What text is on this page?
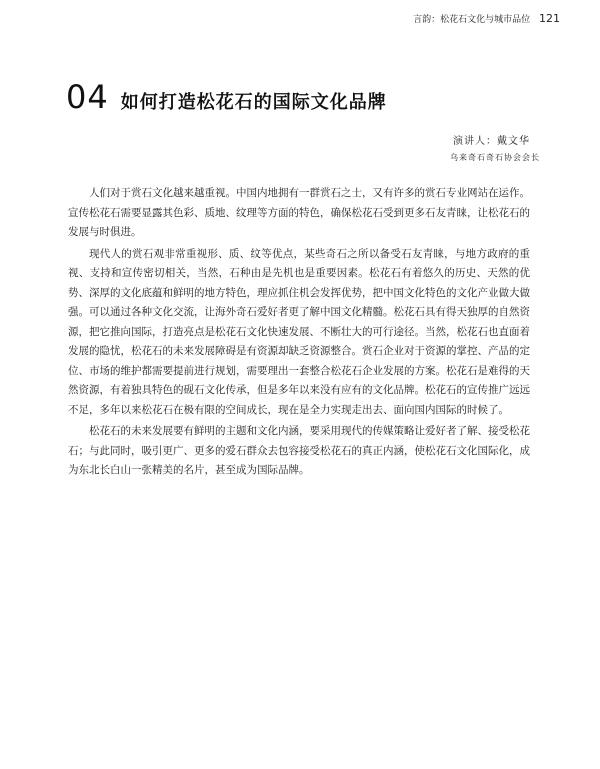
言韵：松花石文化与城市品位 121
04 如何打造松花石的国际文化品牌
演讲人：戴文华
乌来奇石奇石协会会长

人们对于赏石文化越来越重视。中国内地拥有一群赏石之士，又有许多的赏石专业网站在运作。宣传松花石需要显露其色彩、质地、纹理等方面的特色，确保松花石受到更多石友青睐，让松花石的发展与时俱进。

现代人的赏石观非常重视形、质、纹等优点，某些奇石之所以备受石友青睐，与地方政府的重视、支持和宣传密切相关，当然，石种由是先机也是重要因素。松花石有着悠久的历史、天然的优势、深厚的文化底蕴和鲜明的地方特色，理应抓住机会发挥优势，把中国文化特色的文化产业做大做强。可以通过各种文化交流，让海外奇石爱好者更了解中国文化精髓。松花石具有得天独厚的自然资源，把它推向国际，打造亮点是松花石文化快速发展、不断壮大的可行途径。当然，松花石也直面着发展的隐忧，松花石的未来发展障碍是有资源却缺乏资源整合。赏石企业对于资源的掌控、产品的定位、市场的维护都需要提前进行规划，需要理出一套整合松花石企业发展的方案。松花石是难得的天然资源，有着独具特色的砚石文化传承，但是多年以来没有应有的文化品牌。松花石的宣传推广远远不足，多年以来松花石在极有限的空间成长，现在是全力实现走出去、面向国内国际的时候了。

松花石的未来发展要有鲜明的主题和文化内涵，要采用现代的传媒策略让爱好者了解、接受松花石；与此同时，吸引更广、更多的爱石群众去包容接受松花石的真正内涵，使松花石文化国际化，成为东北长白山一张精美的名片，甚至成为国际品牌。
